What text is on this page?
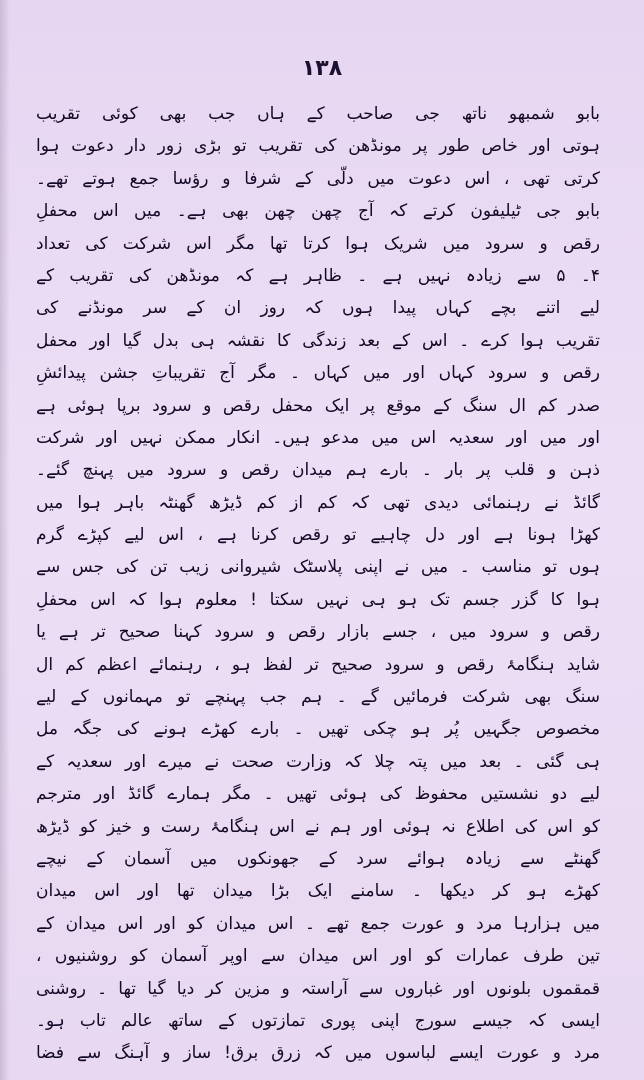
۱۳۸
بابو شمبھو ناتھ جی صاحب کے ہاں جب بھی کوئی تقریب
ہوتی اور خاص طور پر مونڈھن کی تقریب تو بڑی زور دار دعوت ہوا
کرتی تھی ، اس دعوت میں دلّی کے شرفا و رؤسا جمع ہوتے تھے۔
بابو جی ٹیلیفون کرتے کہ آج چھن چھن بھی ہے۔ میں اس محفلِ
رقص و سرود میں شریک ہوا کرتا تھا مگر اس شرکت کی تعداد
۴۔ ۵ سے زیادہ نہیں ہے ۔ ظاہر ہے کہ مونڈھن کی تقریب کے
لیے اتنے بچے کہاں پیدا ہوں کہ روز ان کے سر مونڈنے کی
تقریب ہوا کرے ۔ اس کے بعد زندگی کا نقشہ ہی بدل گیا اور محفل
رقص و سرود کہاں اور میں کہاں ۔ مگر آج تقریباتِ جشن پیدائشِ
صدر کم ال سنگ کے موقع پر ایک محفل رقص و سرود برپا ہوئی ہے
اور میں اور سعدیہ اس میں مدعو ہیں۔ انکار ممکن نہیں اور شرکت
ذہن و قلب پر بار ۔ بارے ہم میدان رقص و سرود میں پہنچ گئے۔
گائڈ نے رہنمائی دیدی تھی کہ کم از کم ڈیڑھ گھنٹہ باہر ہوا میں
کھڑا ہونا ہے اور دل چاہیے تو رقص کرنا ہے ، اس لیے کپڑے گرم
ہوں تو مناسب ۔ میں نے اپنی پلاسٹک شیروانی زیب تن کی جس سے
ہوا کا گزر جسم تک ہو ہی نہیں سکتا ! معلوم ہوا کہ اس محفلِ
رقص و سرود میں ، جسے بازار رقص و سرود کہنا صحیح تر ہے یا
شاید ہنگامۂ رقص و سرود صحیح تر لفظ ہو ، رہنمائے اعظم کم ال
سنگ بھی شرکت فرمائیں گے ۔ ہم جب پہنچے تو مہمانوں کے لیے
مخصوص جگہیں پُر ہو چکی تھیں ۔ بارے کھڑے ہونے کی جگہ مل
ہی گئی ۔ بعد میں پتہ چلا کہ وزارت صحت نے میرے اور سعدیہ کے
لیے دو نشستیں محفوظ کی ہوئی تھیں ۔ مگر ہمارے گائڈ اور مترجم
کو اس کی اطلاع نہ ہوئی اور ہم نے اس ہنگامۂ رست و خیز کو ڈیڑھ
گھنٹے سے زیادہ ہوائے سرد کے جھونکوں میں آسمان کے نیچے
کھڑے ہو کر دیکھا ۔ سامنے ایک بڑا میدان تھا اور اس میدان
میں ہزارہا مرد و عورت جمع تھے ۔ اس میدان کو اور اس میدان کے
تین طرف عمارات کو اور اس میدان سے اوپر آسمان کو روشنیوں ،
قمقموں بلونوں اور غباروں سے آراستہ و مزین کر دیا گیا تھا ۔ روشنی
ایسی کہ جیسے سورج اپنی پوری تمازتوں کے ساتھ عالم تاب ہو۔
مرد و عورت ایسے لباسوں میں کہ زرق برق! ساز و آہنگ سے فضا
